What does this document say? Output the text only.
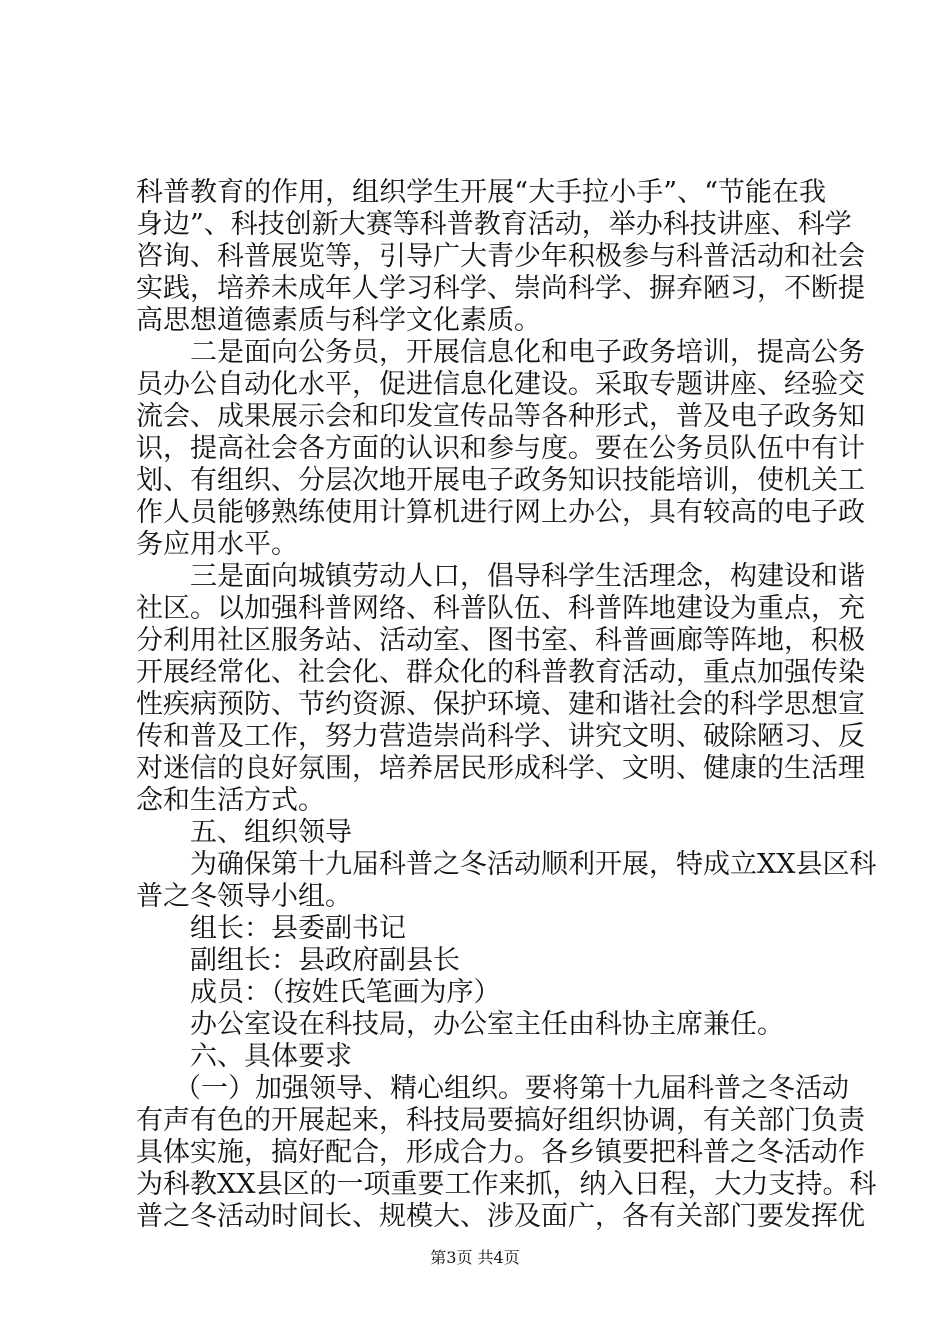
科普教育的作用，组织学生开展“大手拉小手”、“节能在我
身边”、科技创新大赛等科普教育活动，举办科技讲座、科学
咨询、科普展览等，引导广大青少年积极参与科普活动和社会
实践，培养未成年人学习科学、崇尚科学、摒弃陋习，不断提
高思想道德素质与科学文化素质。
二是面向公务员，开展信息化和电子政务培训，提高公务
员办公自动化水平，促进信息化建设。采取专题讲座、经验交
流会、成果展示会和印发宣传品等各种形式，普及电子政务知
识，提高社会各方面的认识和参与度。要在公务员队伍中有计
划、有组织、分层次地开展电子政务知识技能培训，使机关工
作人员能够熟练使用计算机进行网上办公，具有较高的电子政
务应用水平。
三是面向城镇劳动人口，倡导科学生活理念，构建设和谐
社区。以加强科普网络、科普队伍、科普阵地建设为重点，充
分利用社区服务站、活动室、图书室、科普画廊等阵地，积极
开展经常化、社会化、群众化的科普教育活动，重点加强传染
性疾病预防、节约资源、保护环境、建和谐社会的科学思想宣
传和普及工作，努力营造崇尚科学、讲究文明、破除陋习、反
对迷信的良好氛围，培养居民形成科学、文明、健康的生活理
念和生活方式。
五、组织领导
为确保第十九届科普之冬活动顺利开展，特成立XX县区科
普之冬领导小组。
组长：县委副书记
副组长：县政府副县长
成员：（按姓氏笔画为序）
办公室设在科技局，办公室主任由科协主席兼任。
六、具体要求
（一）加强领导、精心组织。要将第十九届科普之冬活动
有声有色的开展起来，科技局要搞好组织协调，有关部门负责
具体实施，搞好配合，形成合力。各乡镇要把科普之冬活动作
为科教XX县区的一项重要工作来抓，纳入日程，大力支持。科
普之冬活动时间长、规模大、涉及面广，各有关部门要发挥优
第3页 共4页
